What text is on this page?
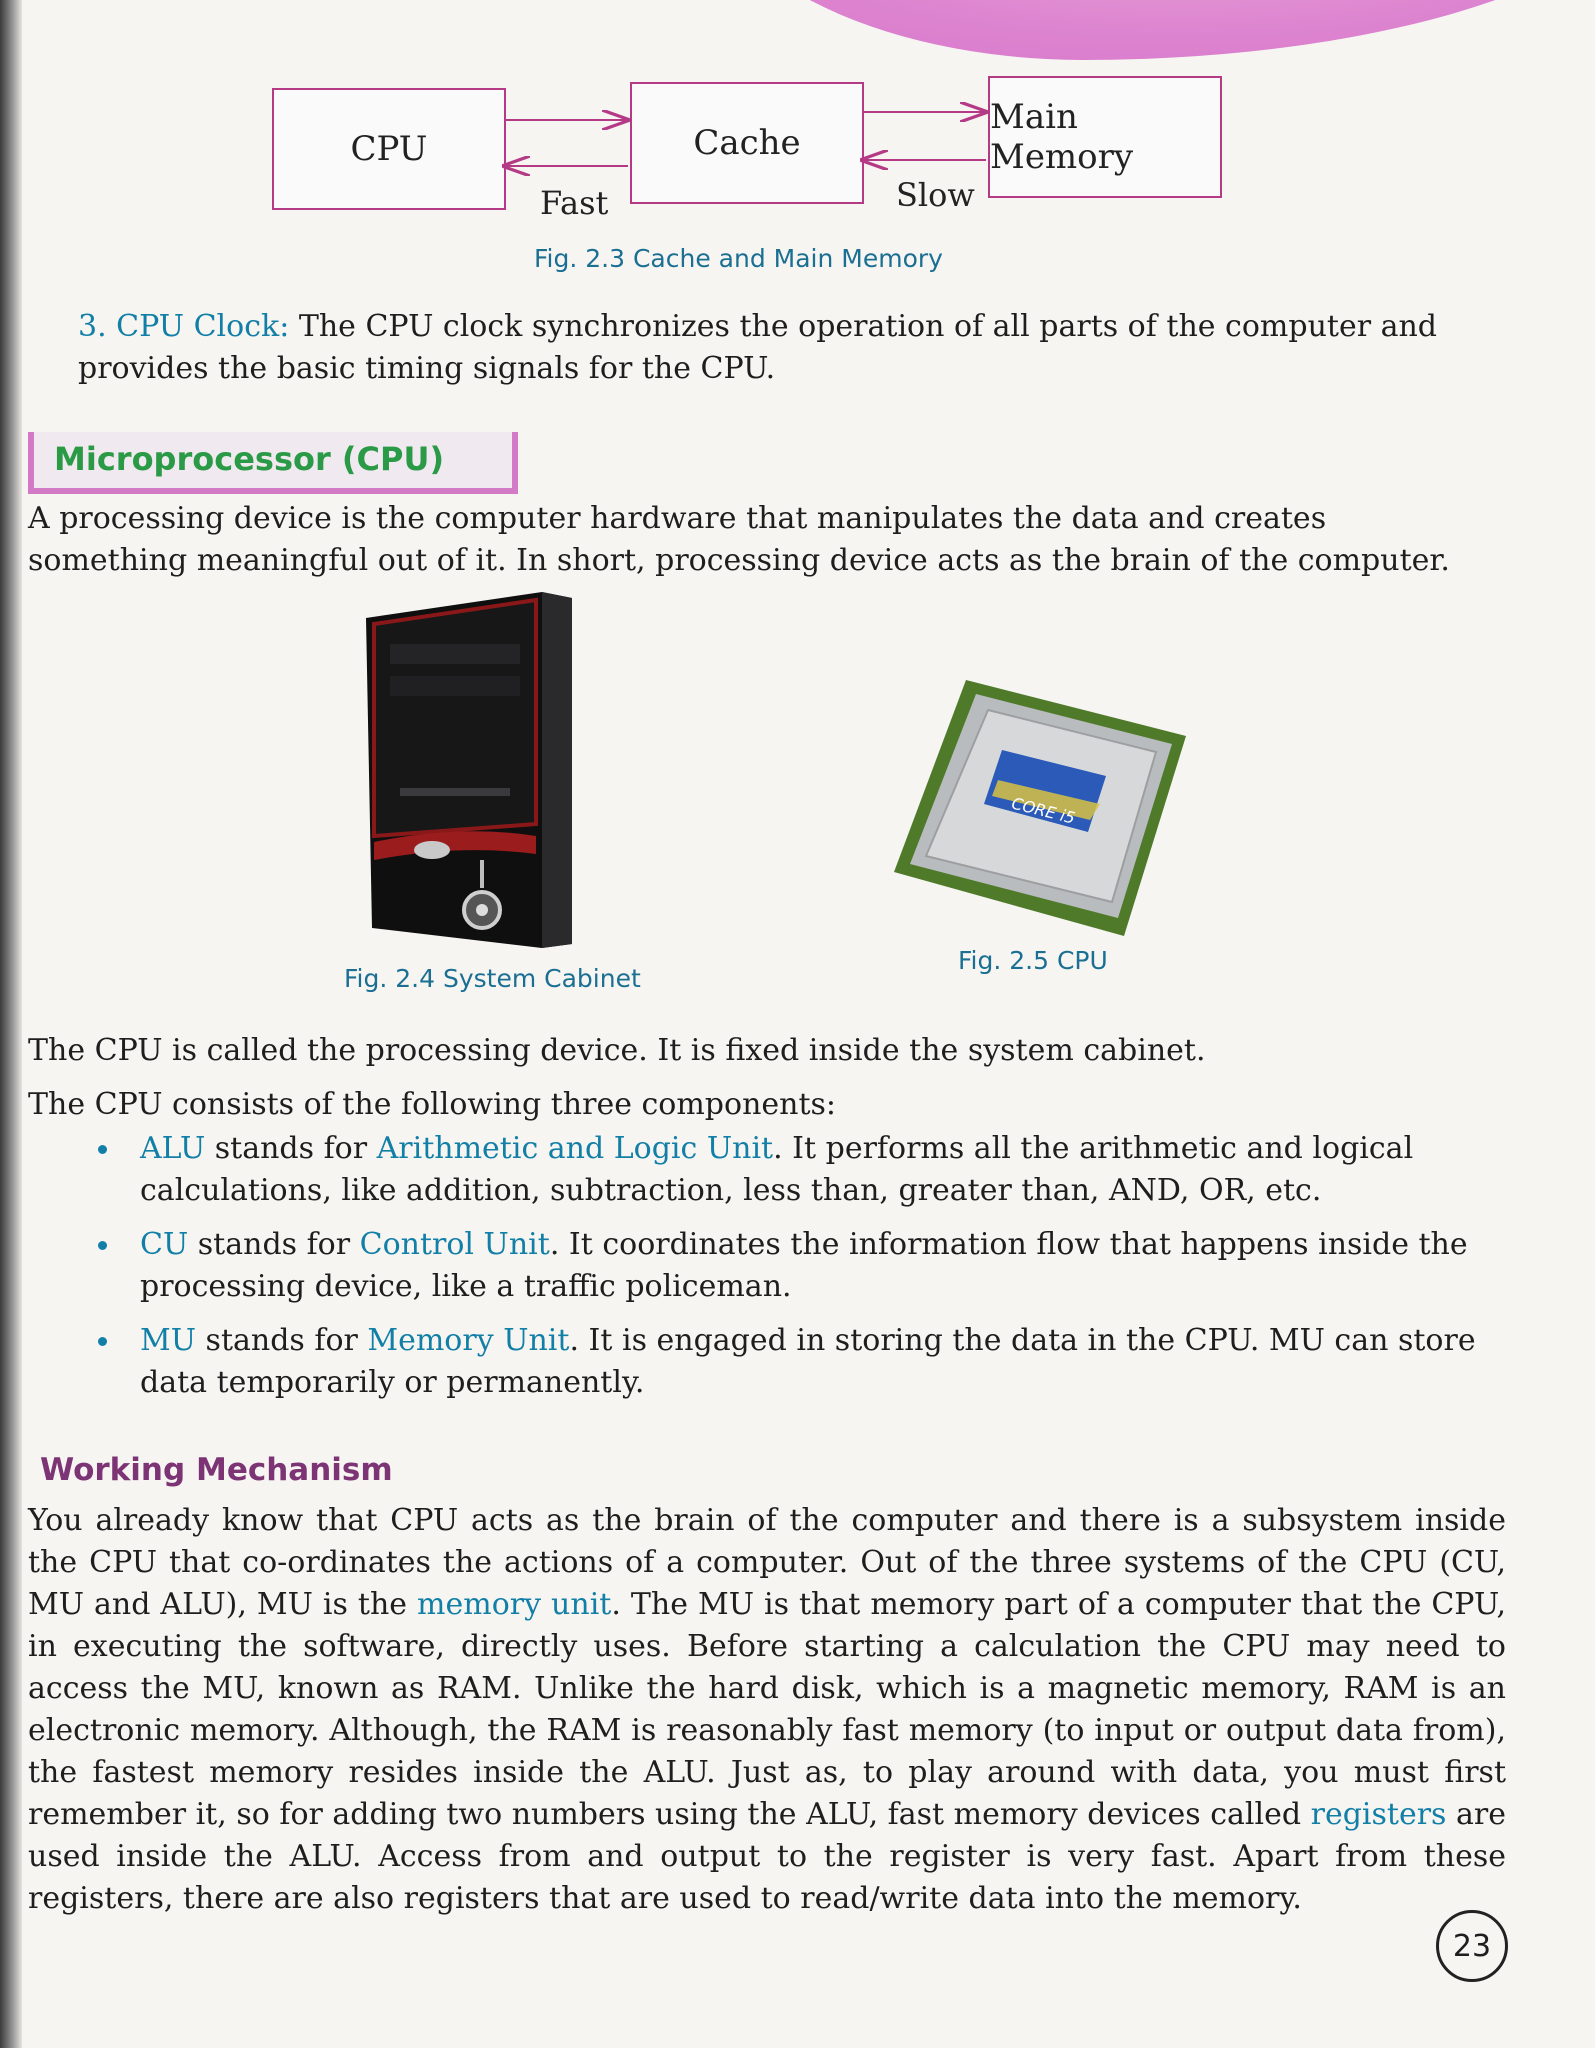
CPU	Cache
Main Memory
Fast	Slow
Fig. 2.3 Cache and Main Memory

3. CPU Clock: The CPU clock synchronizes the operation of all parts of the computer and provides the basic timing signals for the CPU.

Microprocessor (CPU)

A processing device is the computer hardware that manipulates the data and creates something meaningful out of it. In short, processing device acts as the brain of the computer.

Fig. 2.4 System Cabinet
CORE i5
Fig. 2.5 CPU

The CPU is called the processing device. It is fixed inside the system cabinet.

The CPU consists of the following three components:

ALU stands for Arithmetic and Logic Unit. It performs all the arithmetic and logical calculations, like addition, subtraction, less than, greater than, AND, OR, etc.
CU stands for Control Unit. It coordinates the information flow that happens inside the processing device, like a traffic policeman.
MU stands for Memory Unit. It is engaged in storing the data in the CPU. MU can store data temporarily or permanently.
Working Mechanism

You already know that CPU acts as the brain of the computer and there is a subsystem inside the CPU that co-ordinates the actions of a computer. Out of the three systems of the CPU (CU, MU and ALU), MU is the memory unit. The MU is that memory part of a computer that the CPU, in executing the software, directly uses. Before starting a calculation the CPU may need to access the MU, known as RAM. Unlike the hard disk, which is a magnetic memory, RAM is an electronic memory. Although, the RAM is reasonably fast memory (to input or output data from), the fastest memory resides inside the ALU. Just as, to play around with data, you must first remember it, so for adding two numbers using the ALU, fast memory devices called registers are used inside the ALU. Access from and output to the register is very fast. Apart from these registers, there are also registers that are used to read/write data into the memory.

23
